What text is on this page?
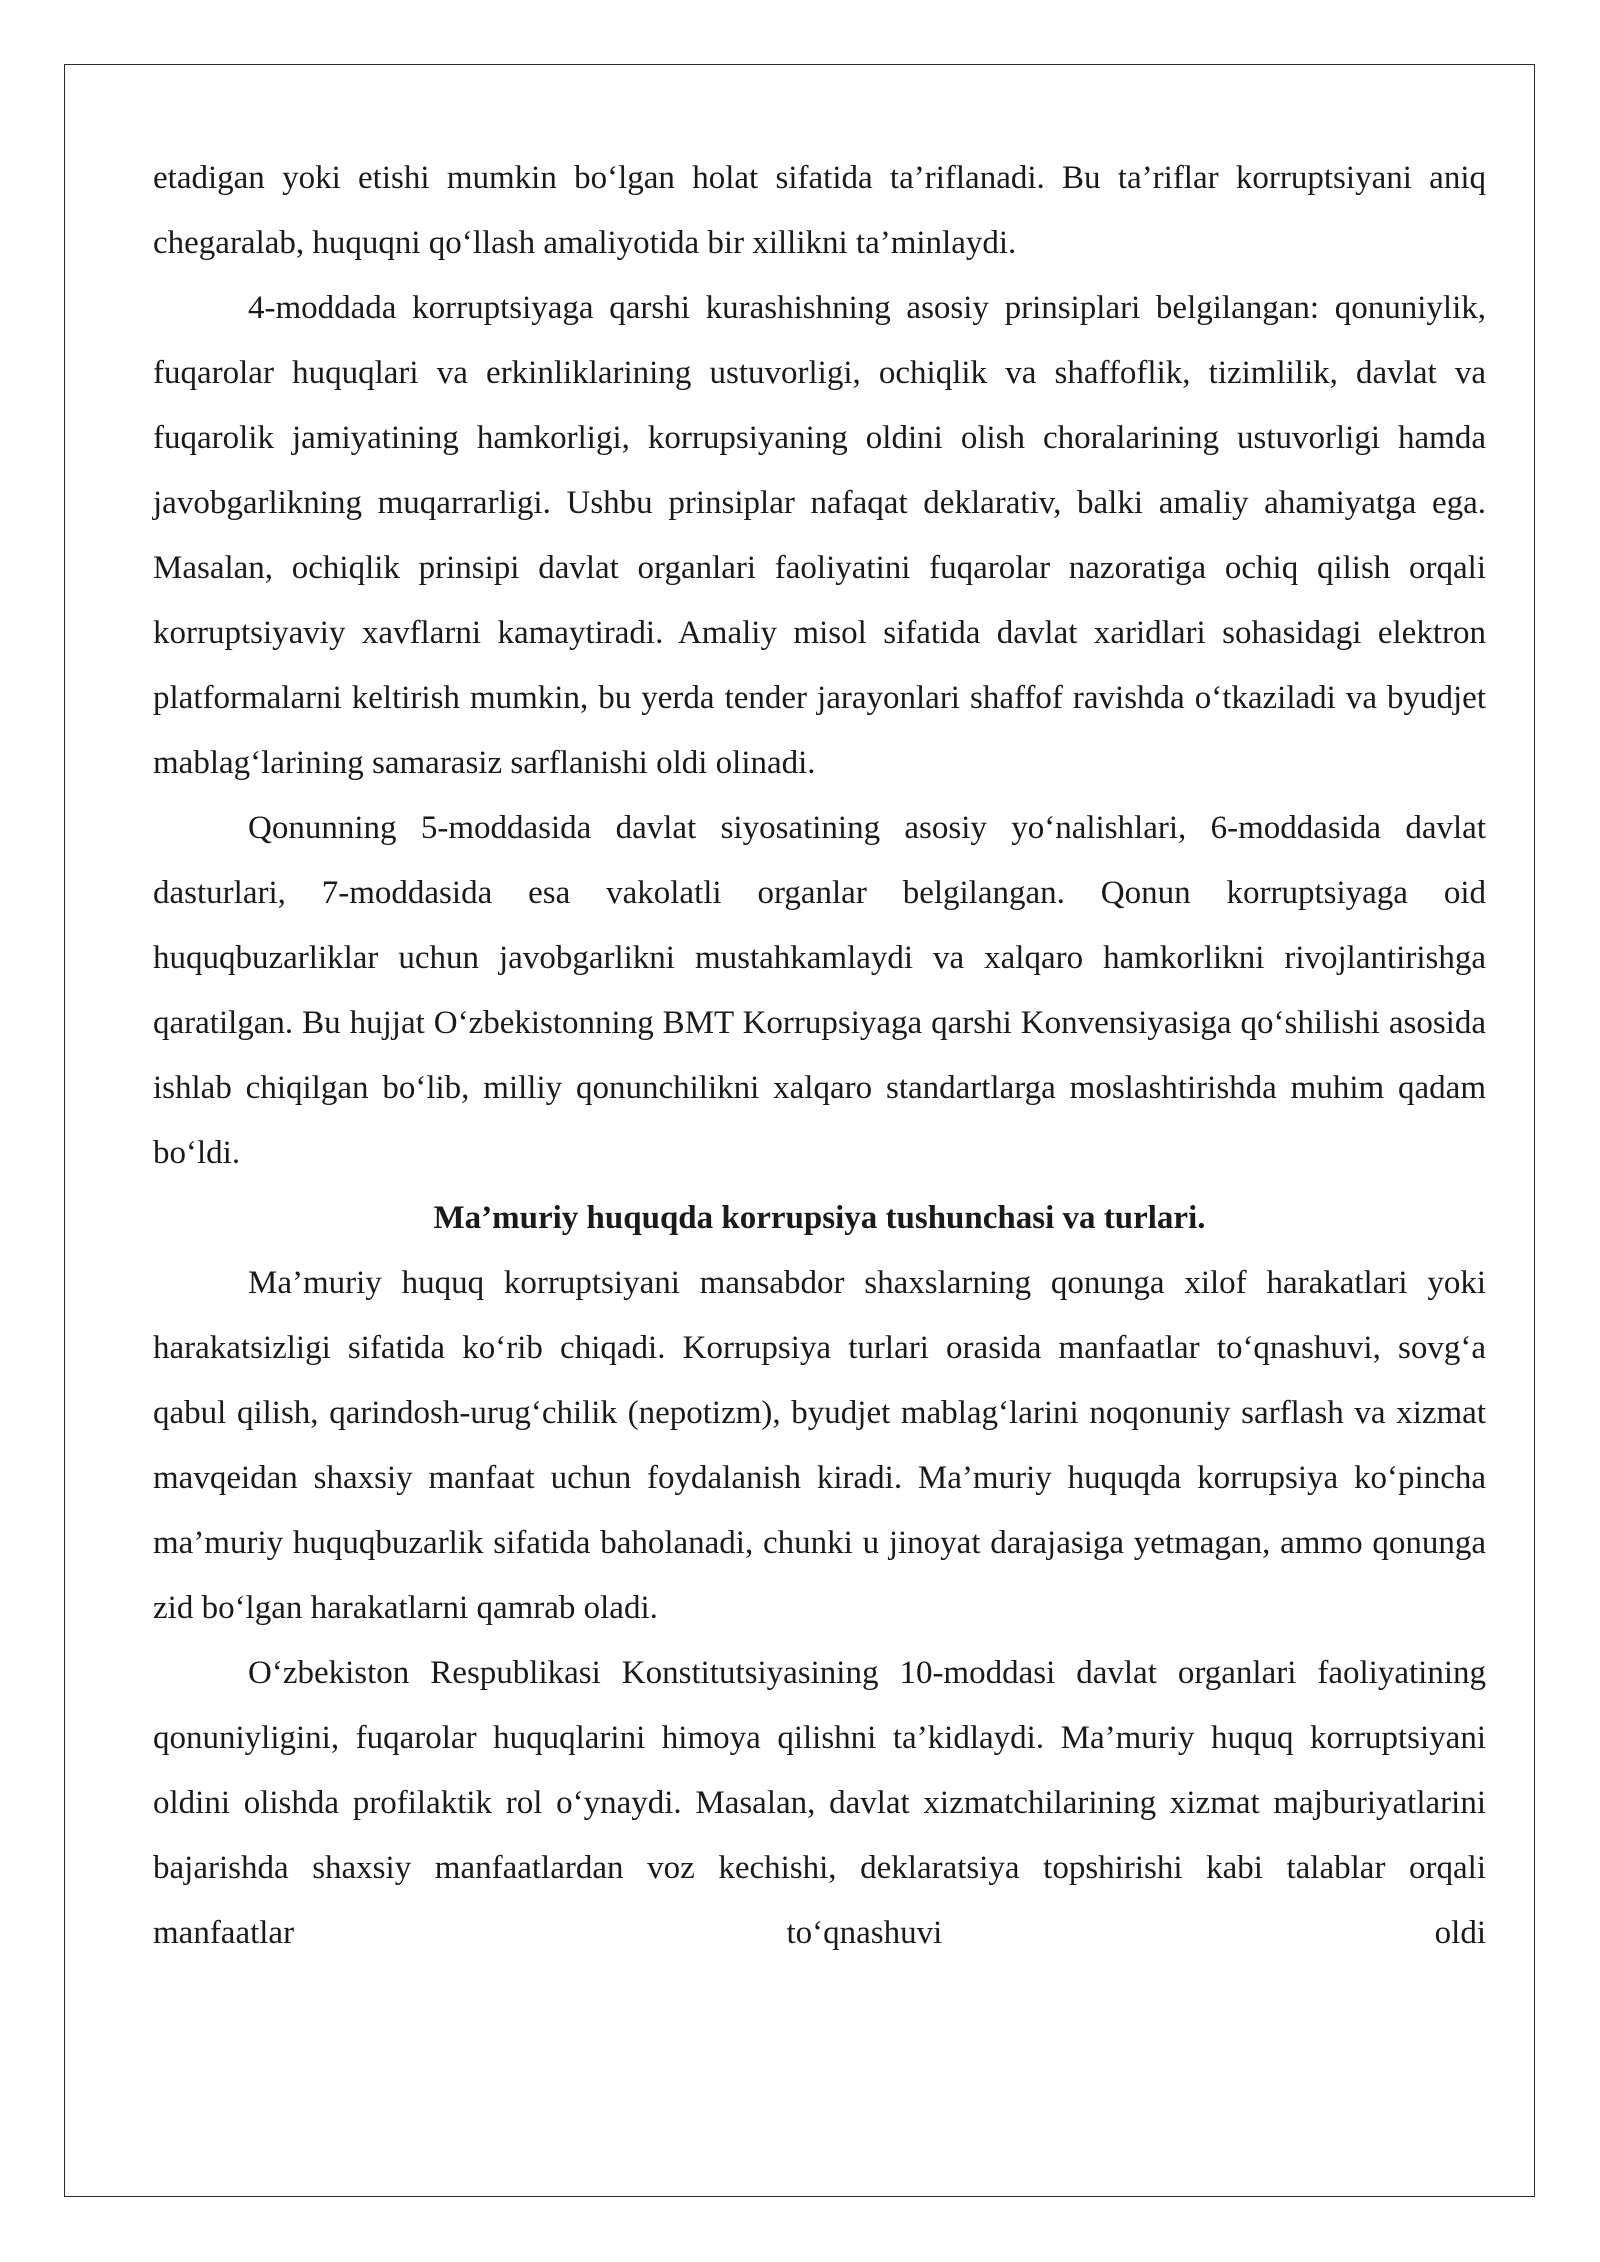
etadigan yoki etishi mumkin bo‘lgan holat sifatida ta’riflanadi. Bu ta’riflar korruptsiyani aniq chegaralab, huquqni qo‘llash amaliyotida bir xillikni ta’minlaydi.

4-moddada korruptsiyaga qarshi kurashishning asosiy prinsiplari belgilangan: qonuniylik, fuqarolar huquqlari va erkinliklarining ustuvorligi, ochiqlik va shaffoflik, tizimlilik, davlat va fuqarolik jamiyatining hamkorligi, korrupsiyaning oldini olish choralarining ustuvorligi hamda javobgarlikning muqarrarligi. Ushbu prinsiplar nafaqat deklarativ, balki amaliy ahamiyatga ega. Masalan, ochiqlik prinsipi davlat organlari faoliyatini fuqarolar nazoratiga ochiq qilish orqali korruptsiyaviy xavflarni kamaytiradi. Amaliy misol sifatida davlat xaridlari sohasidagi elektron platformalarni keltirish mumkin, bu yerda tender jarayonlari shaffof ravishda o‘tkaziladi va byudjet mablag‘larining samarasiz sarflanishi oldi olinadi.

Qonunning 5-moddasida davlat siyosatining asosiy yo‘nalishlari, 6-moddasida davlat dasturlari, 7-moddasida esa vakolatli organlar belgilangan. Qonun korruptsiyaga oid huquqbuzarliklar uchun javobgarlikni mustahkamlaydi va xalqaro hamkorlikni rivojlantirishga qaratilgan. Bu hujjat O‘zbekistonning BMT Korrupsiyaga qarshi Konvensiyasiga qo‘shilishi asosida ishlab chiqilgan bo‘lib, milliy qonunchilikni xalqaro standartlarga moslashtirishda muhim qadam bo‘ldi.

Ma’muriy huquqda korrupsiya tushunchasi va turlari.

Ma’muriy huquq korruptsiyani mansabdor shaxslarning qonunga xilof harakatlari yoki harakatsizligi sifatida ko‘rib chiqadi. Korrupsiya turlari orasida manfaatlar to‘qnashuvi, sovg‘a qabul qilish, qarindosh-urug‘chilik (nepotizm), byudjet mablag‘larini noqonuniy sarflash va xizmat mavqeidan shaxsiy manfaat uchun foydalanish kiradi. Ma’muriy huquqda korrupsiya ko‘pincha ma’muriy huquqbuzarlik sifatida baholanadi, chunki u jinoyat darajasiga yetmagan, ammo qonunga zid bo‘lgan harakatlarni qamrab oladi.

O‘zbekiston Respublikasi Konstitutsiyasining 10-moddasi davlat organlari faoliyatining qonuniyligini, fuqarolar huquqlarini himoya qilishni ta’kidlaydi. Ma’muriy huquq korruptsiyani oldini olishda profilaktik rol o‘ynaydi. Masalan, davlat xizmatchilarining xizmat majburiyatlarini bajarishda shaxsiy manfaatlardan voz kechishi, deklaratsiya topshirishi kabi talablar orqali manfaatlar to‘qnashuvi oldi
